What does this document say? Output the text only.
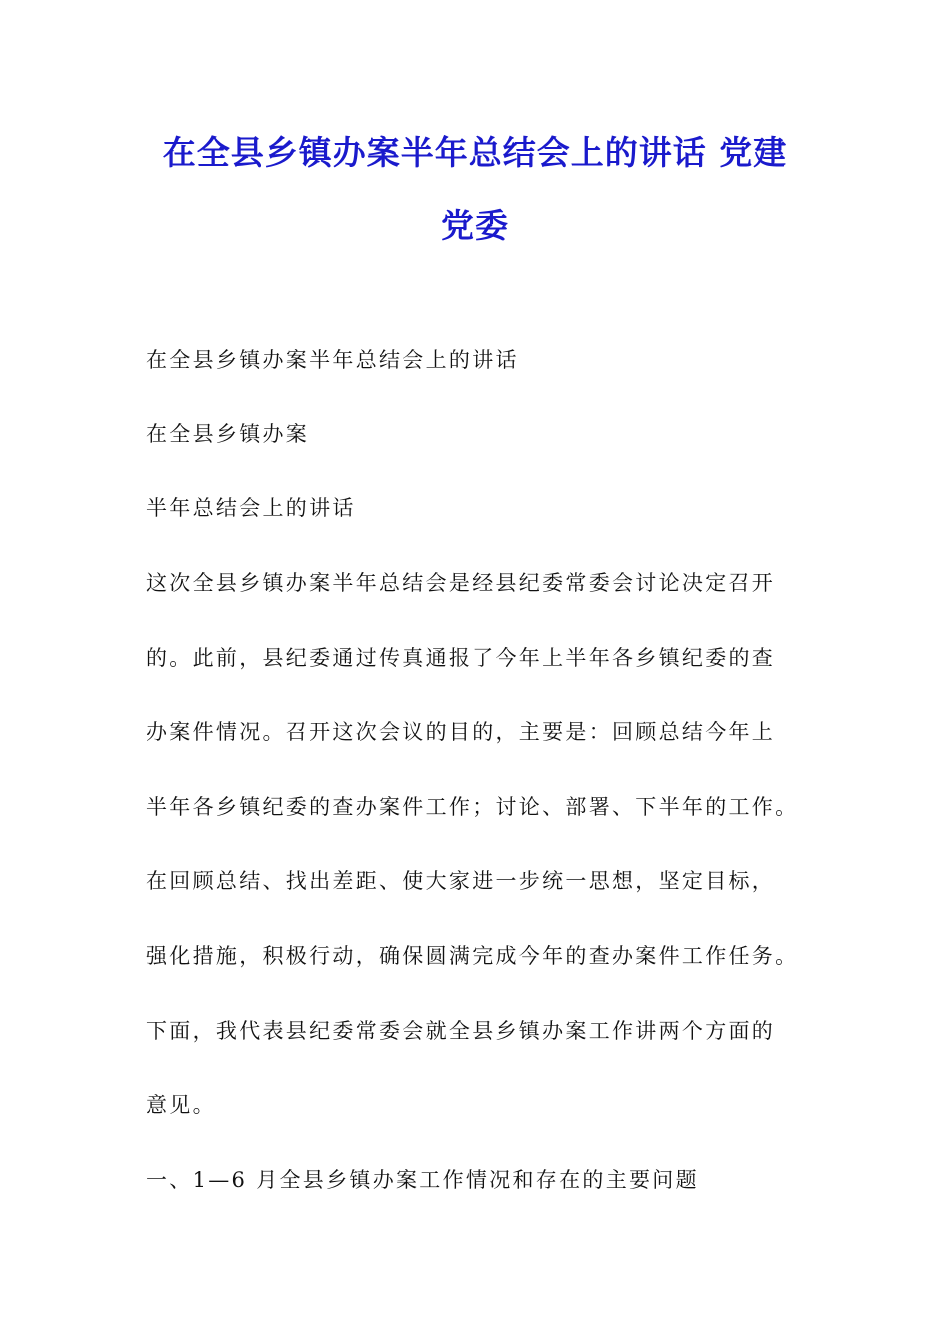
在全县乡镇办案半年总结会上的讲话 党建
党委

在全县乡镇办案半年总结会上的讲话

在全县乡镇办案

半年总结会上的讲话

这次全县乡镇办案半年总结会是经县纪委常委会讨论决定召开

的。此前，县纪委通过传真通报了今年上半年各乡镇纪委的查

办案件情况。召开这次会议的目的，主要是：回顾总结今年上

半年各乡镇纪委的查办案件工作；讨论、部署、下半年的工作。

在回顾总结、找出差距、使大家进一步统一思想，坚定目标，

强化措施，积极行动，确保圆满完成今年的查办案件工作任务。

下面，我代表县纪委常委会就全县乡镇办案工作讲两个方面的

意见。

一、1—6 月全县乡镇办案工作情况和存在的主要问题
